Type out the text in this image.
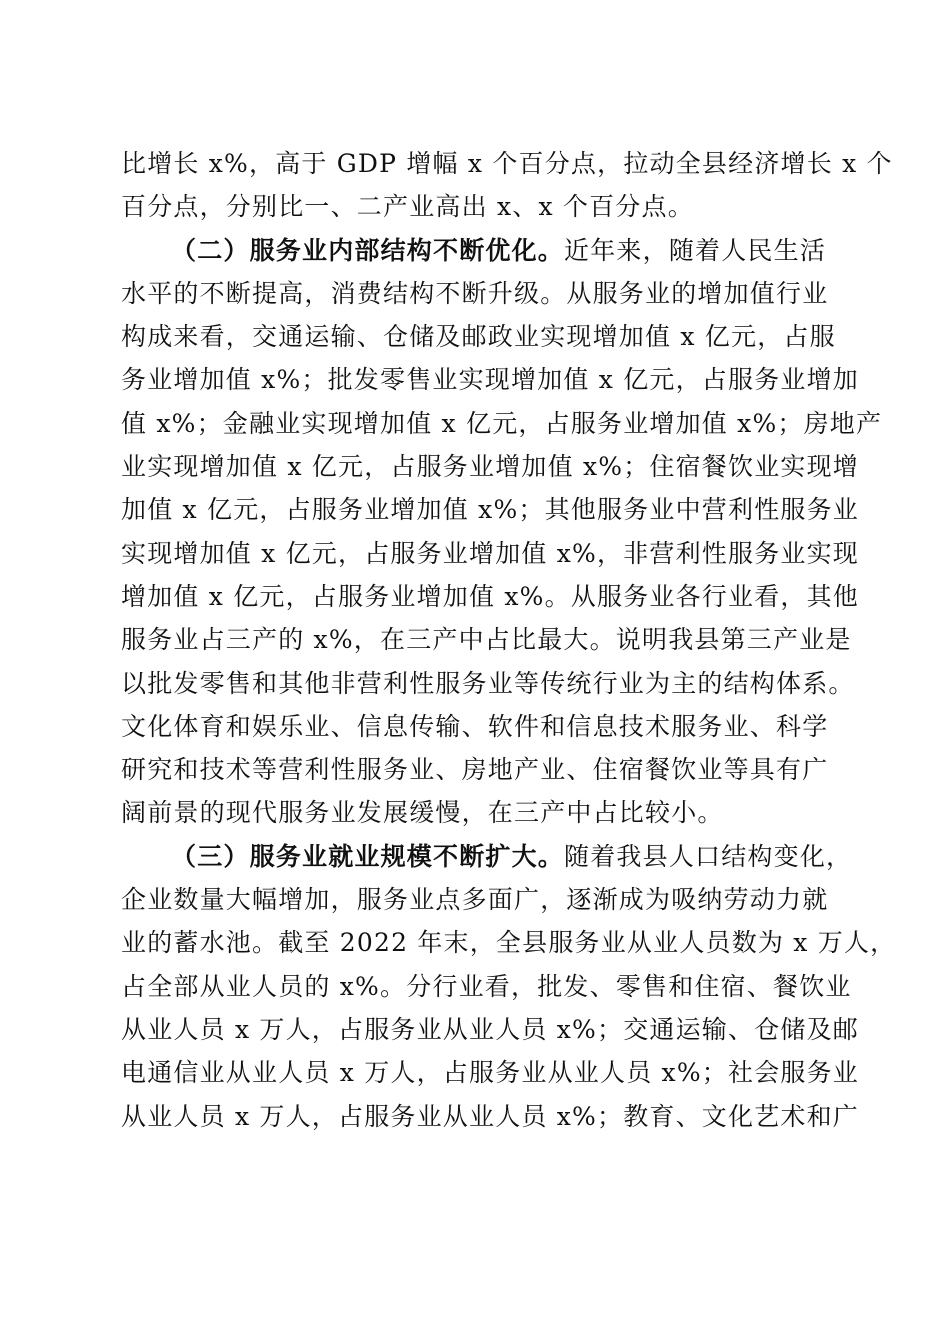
比增长 x%，高于 GDP 增幅 x 个百分点，拉动全县经济增长 x 个
百分点，分别比一、二产业高出 x、x 个百分点。
（二）服务业内部结构不断优化。近年来，随着人民生活
水平的不断提高，消费结构不断升级。从服务业的增加值行业
构成来看，交通运输、仓储及邮政业实现增加值 x 亿元，占服
务业增加值 x%；批发零售业实现增加值 x 亿元，占服务业增加
值 x%；金融业实现增加值 x 亿元，占服务业增加值 x%；房地产
业实现增加值 x 亿元，占服务业增加值 x%；住宿餐饮业实现增
加值 x 亿元，占服务业增加值 x%；其他服务业中营利性服务业
实现增加值 x 亿元，占服务业增加值 x%，非营利性服务业实现
增加值 x 亿元，占服务业增加值 x%。从服务业各行业看，其他
服务业占三产的 x%，在三产中占比最大。说明我县第三产业是
以批发零售和其他非营利性服务业等传统行业为主的结构体系。
文化体育和娱乐业、信息传输、软件和信息技术服务业、科学
研究和技术等营利性服务业、房地产业、住宿餐饮业等具有广
阔前景的现代服务业发展缓慢，在三产中占比较小。
（三）服务业就业规模不断扩大。随着我县人口结构变化，
企业数量大幅增加，服务业点多面广，逐渐成为吸纳劳动力就
业的蓄水池。截至 2022 年末，全县服务业从业人员数为 x 万人，
占全部从业人员的 x%。分行业看，批发、零售和住宿、餐饮业
从业人员 x 万人，占服务业从业人员 x%；交通运输、仓储及邮
电通信业从业人员 x 万人，占服务业从业人员 x%；社会服务业
从业人员 x 万人，占服务业从业人员 x%；教育、文化艺术和广
